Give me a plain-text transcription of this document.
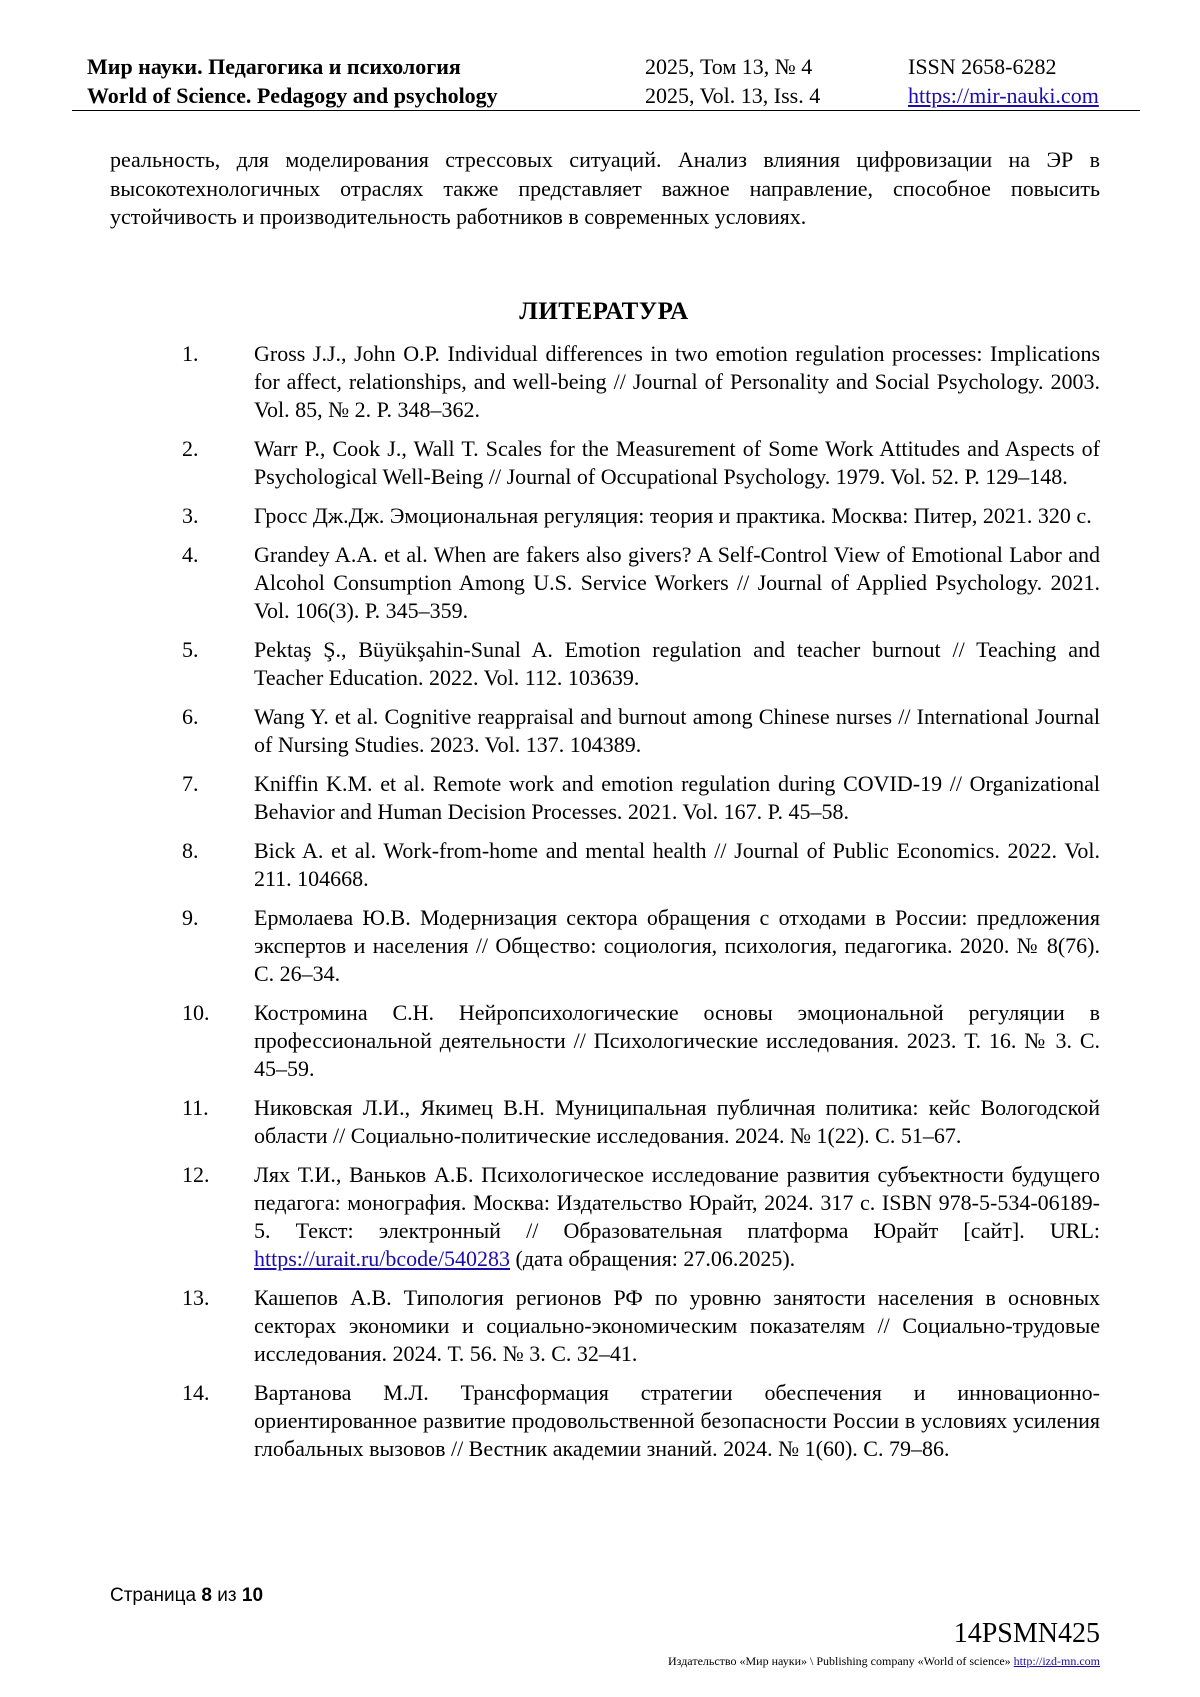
Мир науки. Педагогика и психология
World of Science. Pedagogy and psychology
2025, Том 13, № 4
2025, Vol. 13, Iss. 4
ISSN 2658-6282
https://mir-nauki.com

реальность, для моделирования стрессовых ситуаций. Анализ влияния цифровизации на ЭР в высокотехнологичных отраслях также представляет важное направление, способное повысить устойчивость и производительность работников в современных условиях.

ЛИТЕРАТУРА
1.	Gross J.J., John O.P. Individual differences in two emotion regulation processes: Implications for affect, relationships, and well-being // Journal of Personality and Social Psychology. 2003. Vol. 85, № 2. P. 348–362.
2.	Warr P., Cook J., Wall T. Scales for the Measurement of Some Work Attitudes and Aspects of Psychological Well-Being // Journal of Occupational Psychology. 1979. Vol. 52. P. 129–148.
3.	Гросс Дж.Дж. Эмоциональная регуляция: теория и практика. Москва: Питер, 2021. 320 с.
4.	Grandey A.A. et al. When are fakers also givers? A Self-Control View of Emotional Labor and Alcohol Consumption Among U.S. Service Workers // Journal of Applied Psychology. 2021. Vol. 106(3). P. 345–359.
5.	Pektaş Ş., Büyükşahin-Sunal A. Emotion regulation and teacher burnout // Teaching and Teacher Education. 2022. Vol. 112. 103639.
6.	Wang Y. et al. Cognitive reappraisal and burnout among Chinese nurses // International Journal of Nursing Studies. 2023. Vol. 137. 104389.
7.	Kniffin K.M. et al. Remote work and emotion regulation during COVID-19 // Organizational Behavior and Human Decision Processes. 2021. Vol. 167. P. 45–58.
8.	Bick A. et al. Work-from-home and mental health // Journal of Public Economics. 2022. Vol. 211. 104668.
9.	Ермолаева Ю.В. Модернизация сектора обращения с отходами в России: предложения экспертов и населения // Общество: социология, психология, педагогика. 2020. № 8(76). С. 26–34.
10. Костромина С.Н. Нейропсихологические основы эмоциональной регуляции в профессиональной деятельности // Психологические исследования. 2023. Т. 16. № 3. С. 45–59.
11. Никовская Л.И., Якимец В.Н. Муниципальная публичная политика: кейс Вологодской области // Социально-политические исследования. 2024. № 1(22). С. 51–67.
12. Лях Т.И., Ваньков А.Б. Психологическое исследование развития субъектности будущего педагога: монография. Москва: Издательство Юрайт, 2024. 317 с. ISBN 978-5-534-06189-5. Текст: электронный // Образовательная платформа Юрайт [сайт]. URL: https://urait.ru/bcode/540283 (дата обращения: 27.06.2025).
13. Кашепов А.В. Типология регионов РФ по уровню занятости населения в основных секторах экономики и социально-экономическим показателям // Социально-трудовые исследования. 2024. Т. 56. № 3. С. 32–41.
14. Вартанова М.Л. Трансформация стратегии обеспечения и инновационно-ориентированное развитие продовольственной безопасности России в условиях усиления глобальных вызовов // Вестник академии знаний. 2024. № 1(60). С. 79–86.
Страница 8 из 10
14PSMN425
Издательство «Мир науки» \ Publishing company «World of science» http://izd-mn.com
